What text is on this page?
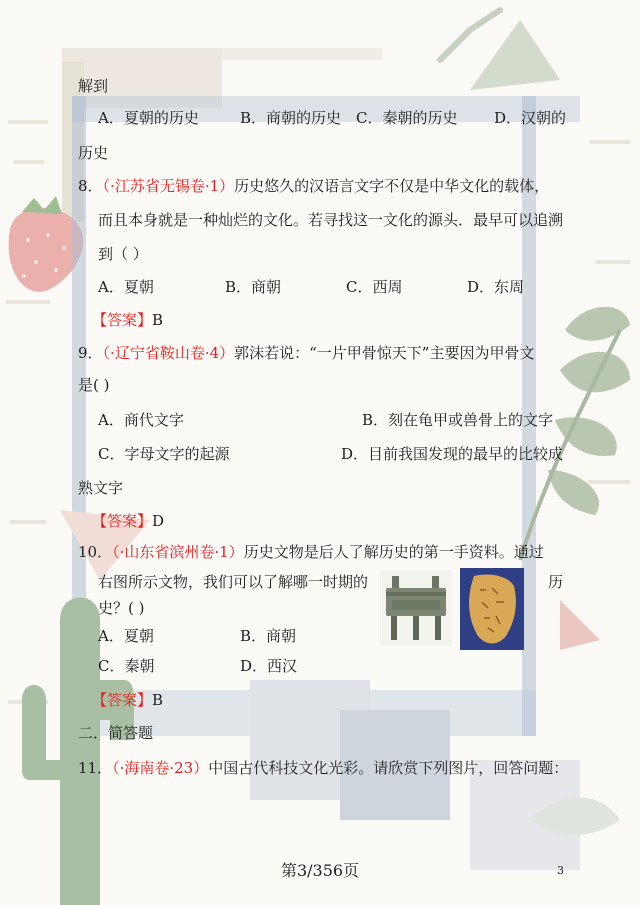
解到
A．夏朝的历史	B．商朝的历史 C．秦朝的历史 D．汉朝的
历史
8．（·江苏省无锡卷·1）历史悠久的汉语言文字不仅是中华文化的载体，
而且本身就是一种灿烂的文化。若寻找这一文化的源头．最早可以追溯
到（ ）
A．夏朝	B．商朝	C．西周	D．东周
【答案】B
9．（·辽宁省鞍山卷·4）郭沫若说：“一片甲骨惊天下”主要因为甲骨文
是( )
A．商代文字	B．刻在龟甲或兽骨上的文字
C．字母文字的起源	D．目前我国发现的最早的比较成
熟文字
【答案】D
10．（·山东省滨州卷·1）历史文物是后人了解历史的第一手资料。通过
右图所示文物，我们可以了解哪一时期的	历
史？( )
A．夏朝	B．商朝
C．秦朝	D．西汉
【答案】B
二．简答题
11．（·海南卷·23）中国古代科技文化光彩。请欣赏下列图片，回答问题：
第3/356页	3
